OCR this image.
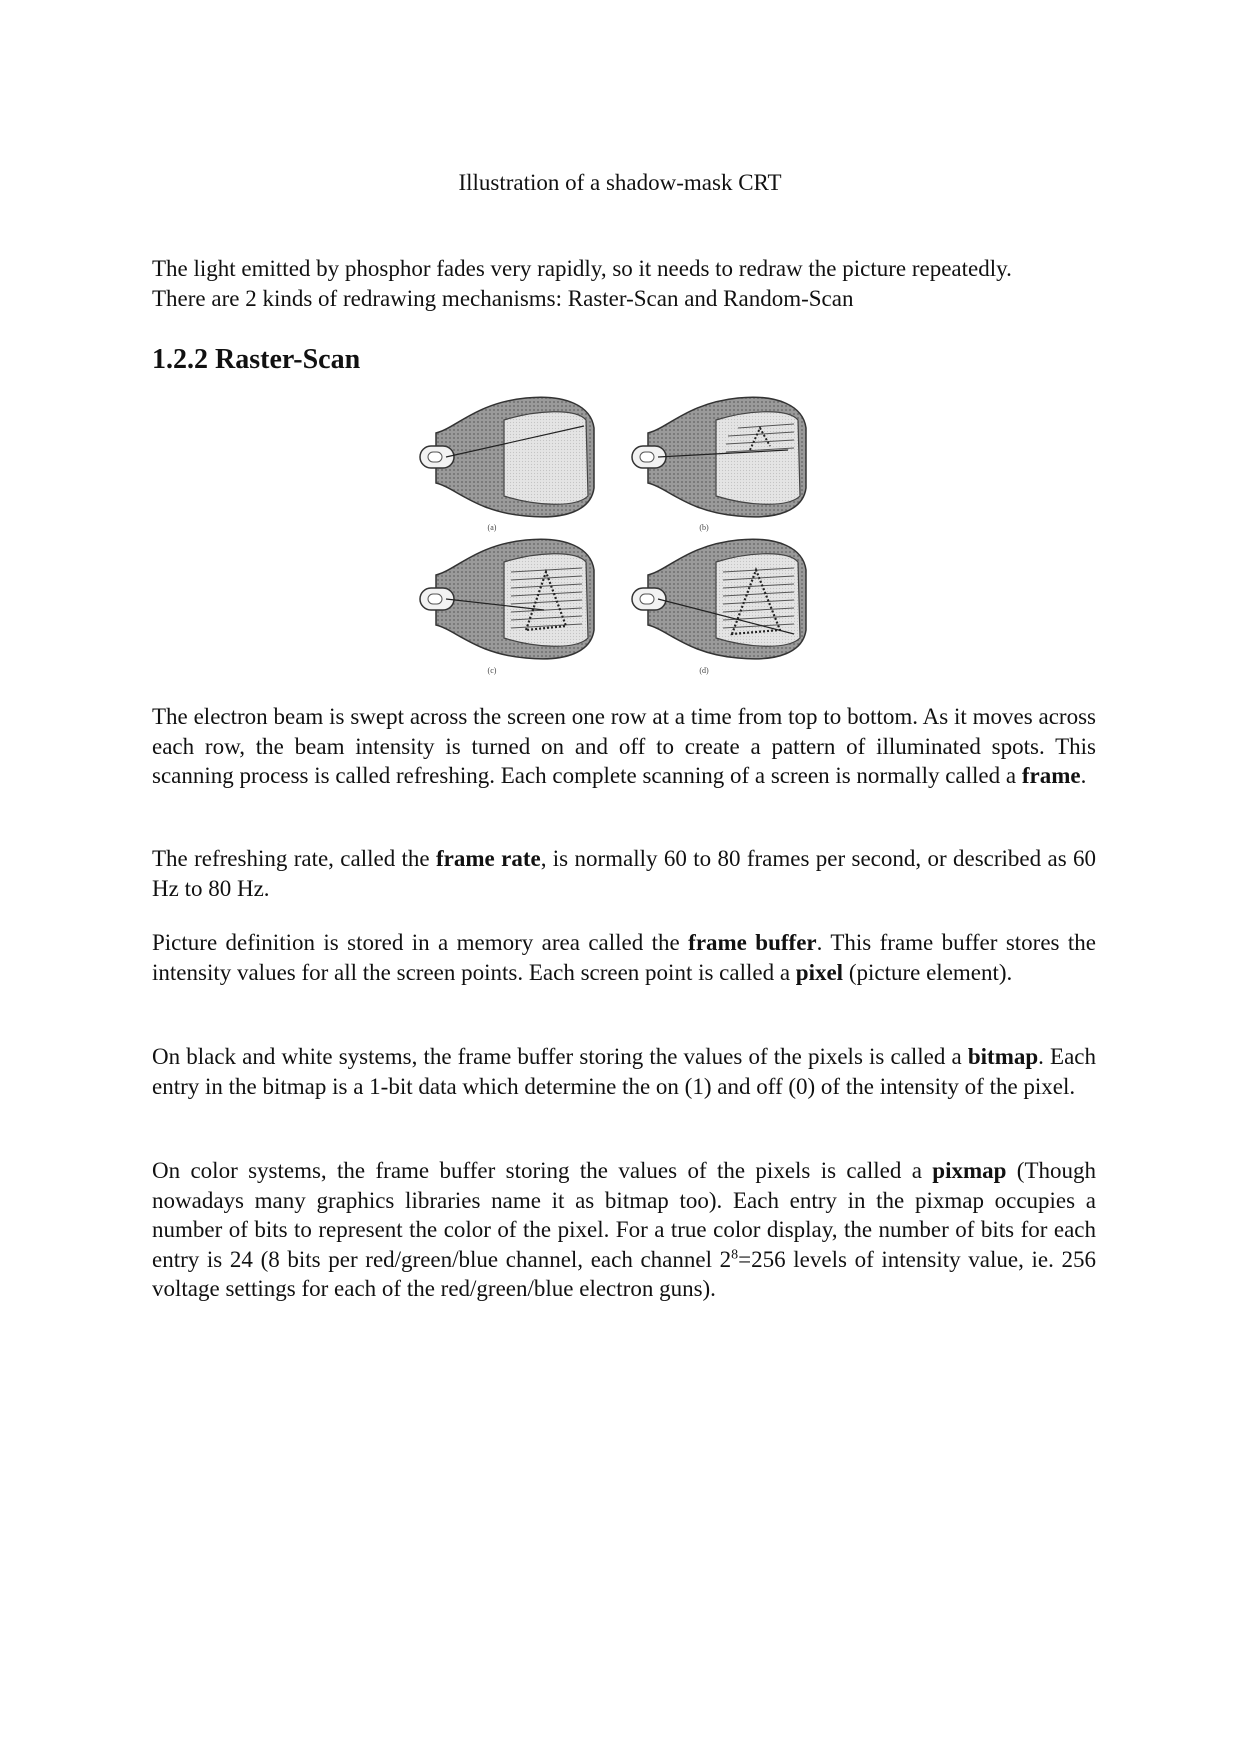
Illustration of a shadow-mask CRT

The light emitted by phosphor fades very rapidly, so it needs to redraw the picture repeatedly.
There are 2 kinds of redrawing mechanisms: Raster-Scan and Random-Scan

1.2.2 Raster-Scan
(a)	(b)
(c)	(d)

The electron beam is swept across the screen one row at a time from top to bottom. As it moves across each row, the beam intensity is turned on and off to create a pattern of illuminated spots. This scanning process is called refreshing. Each complete scanning of a screen is normally called a frame.

The refreshing rate, called the frame rate, is normally 60 to 80 frames per second, or described as 60 Hz to 80 Hz.

Picture definition is stored in a memory area called the frame buffer. This frame buffer stores the intensity values for all the screen points. Each screen point is called a pixel (picture element).

On black and white systems, the frame buffer storing the values of the pixels is called a bitmap. Each entry in the bitmap is a 1-bit data which determine the on (1) and off (0) of the intensity of the pixel.

On color systems, the frame buffer storing the values of the pixels is called a pixmap (Though nowadays many graphics libraries name it as bitmap too). Each entry in the pixmap occupies a number of bits to represent the color of the pixel. For a true color display, the number of bits for each entry is 24 (8 bits per red/green/blue channel, each channel $2^8=256$ levels of intensity value, ie. 256 voltage settings for each of the red/green/blue electron guns).
